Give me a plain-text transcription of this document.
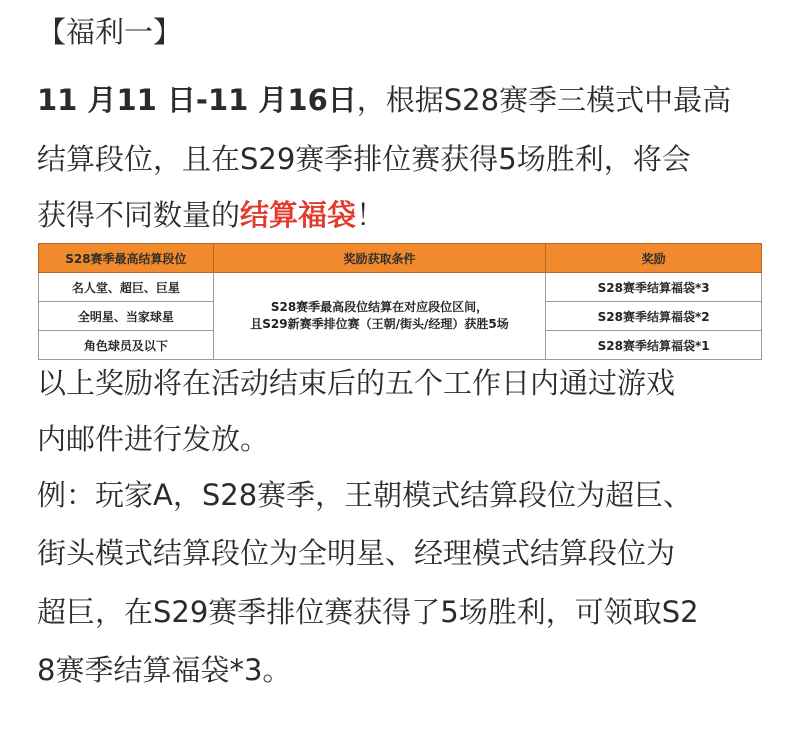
【福利一】
11 月11 日-11 月16日，根据S28赛季三模式中最高
结算段位，且在S29赛季排位赛获得5场胜利，将会
获得不同数量的结算福袋！
S28赛季最高结算段位	奖励获取条件	奖励
名人堂、超巨、巨星	S28赛季最高段位结算在对应段位区间，
且S29新赛季排位赛（王朝/街头/经理）获胜5场	S28赛季结算福袋*3
全明星、当家球星		S28赛季结算福袋*2
角色球员及以下		S28赛季结算福袋*1
以上奖励将在活动结束后的五个工作日内通过游戏
内邮件进行发放。
例：玩家A，S28赛季，王朝模式结算段位为超巨、
街头模式结算段位为全明星、经理模式结算段位为
超巨，在S29赛季排位赛获得了5场胜利，可领取S2
8赛季结算福袋*3。
